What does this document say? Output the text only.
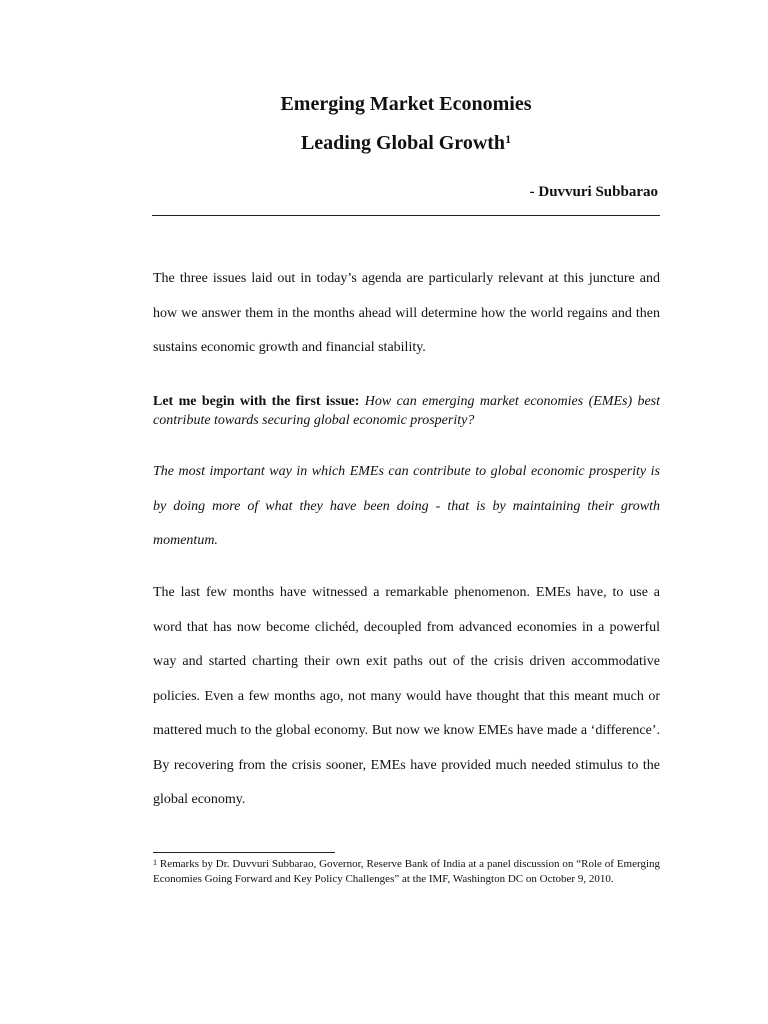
Emerging Market Economies
Leading Global Growth$^1$
- Duvvuri Subbarao

The three issues laid out in today’s agenda are particularly relevant at this juncture and how we answer them in the months ahead will determine how the world regains and then sustains economic growth and financial stability.

Let me begin with the first issue: How can emerging market economies (EMEs) best contribute towards securing global economic prosperity?

The most important way in which EMEs can contribute to global economic prosperity is by doing more of what they have been doing - that is by maintaining their growth momentum.

The last few months have witnessed a remarkable phenomenon. EMEs have, to use a word that has now become clichéd, decoupled from advanced economies in a powerful way and started charting their own exit paths out of the crisis driven accommodative policies. Even a few months ago, not many would have thought that this meant much or mattered much to the global economy. But now we know EMEs have made a ‘difference’. By recovering from the crisis sooner, EMEs have provided much needed stimulus to the global economy.

$^1$ Remarks by Dr. Duvvuri Subbarao, Governor, Reserve Bank of India at a panel discussion on “Role of Emerging Economies Going Forward and Key Policy Challenges” at the IMF, Washington DC on October 9, 2010.
